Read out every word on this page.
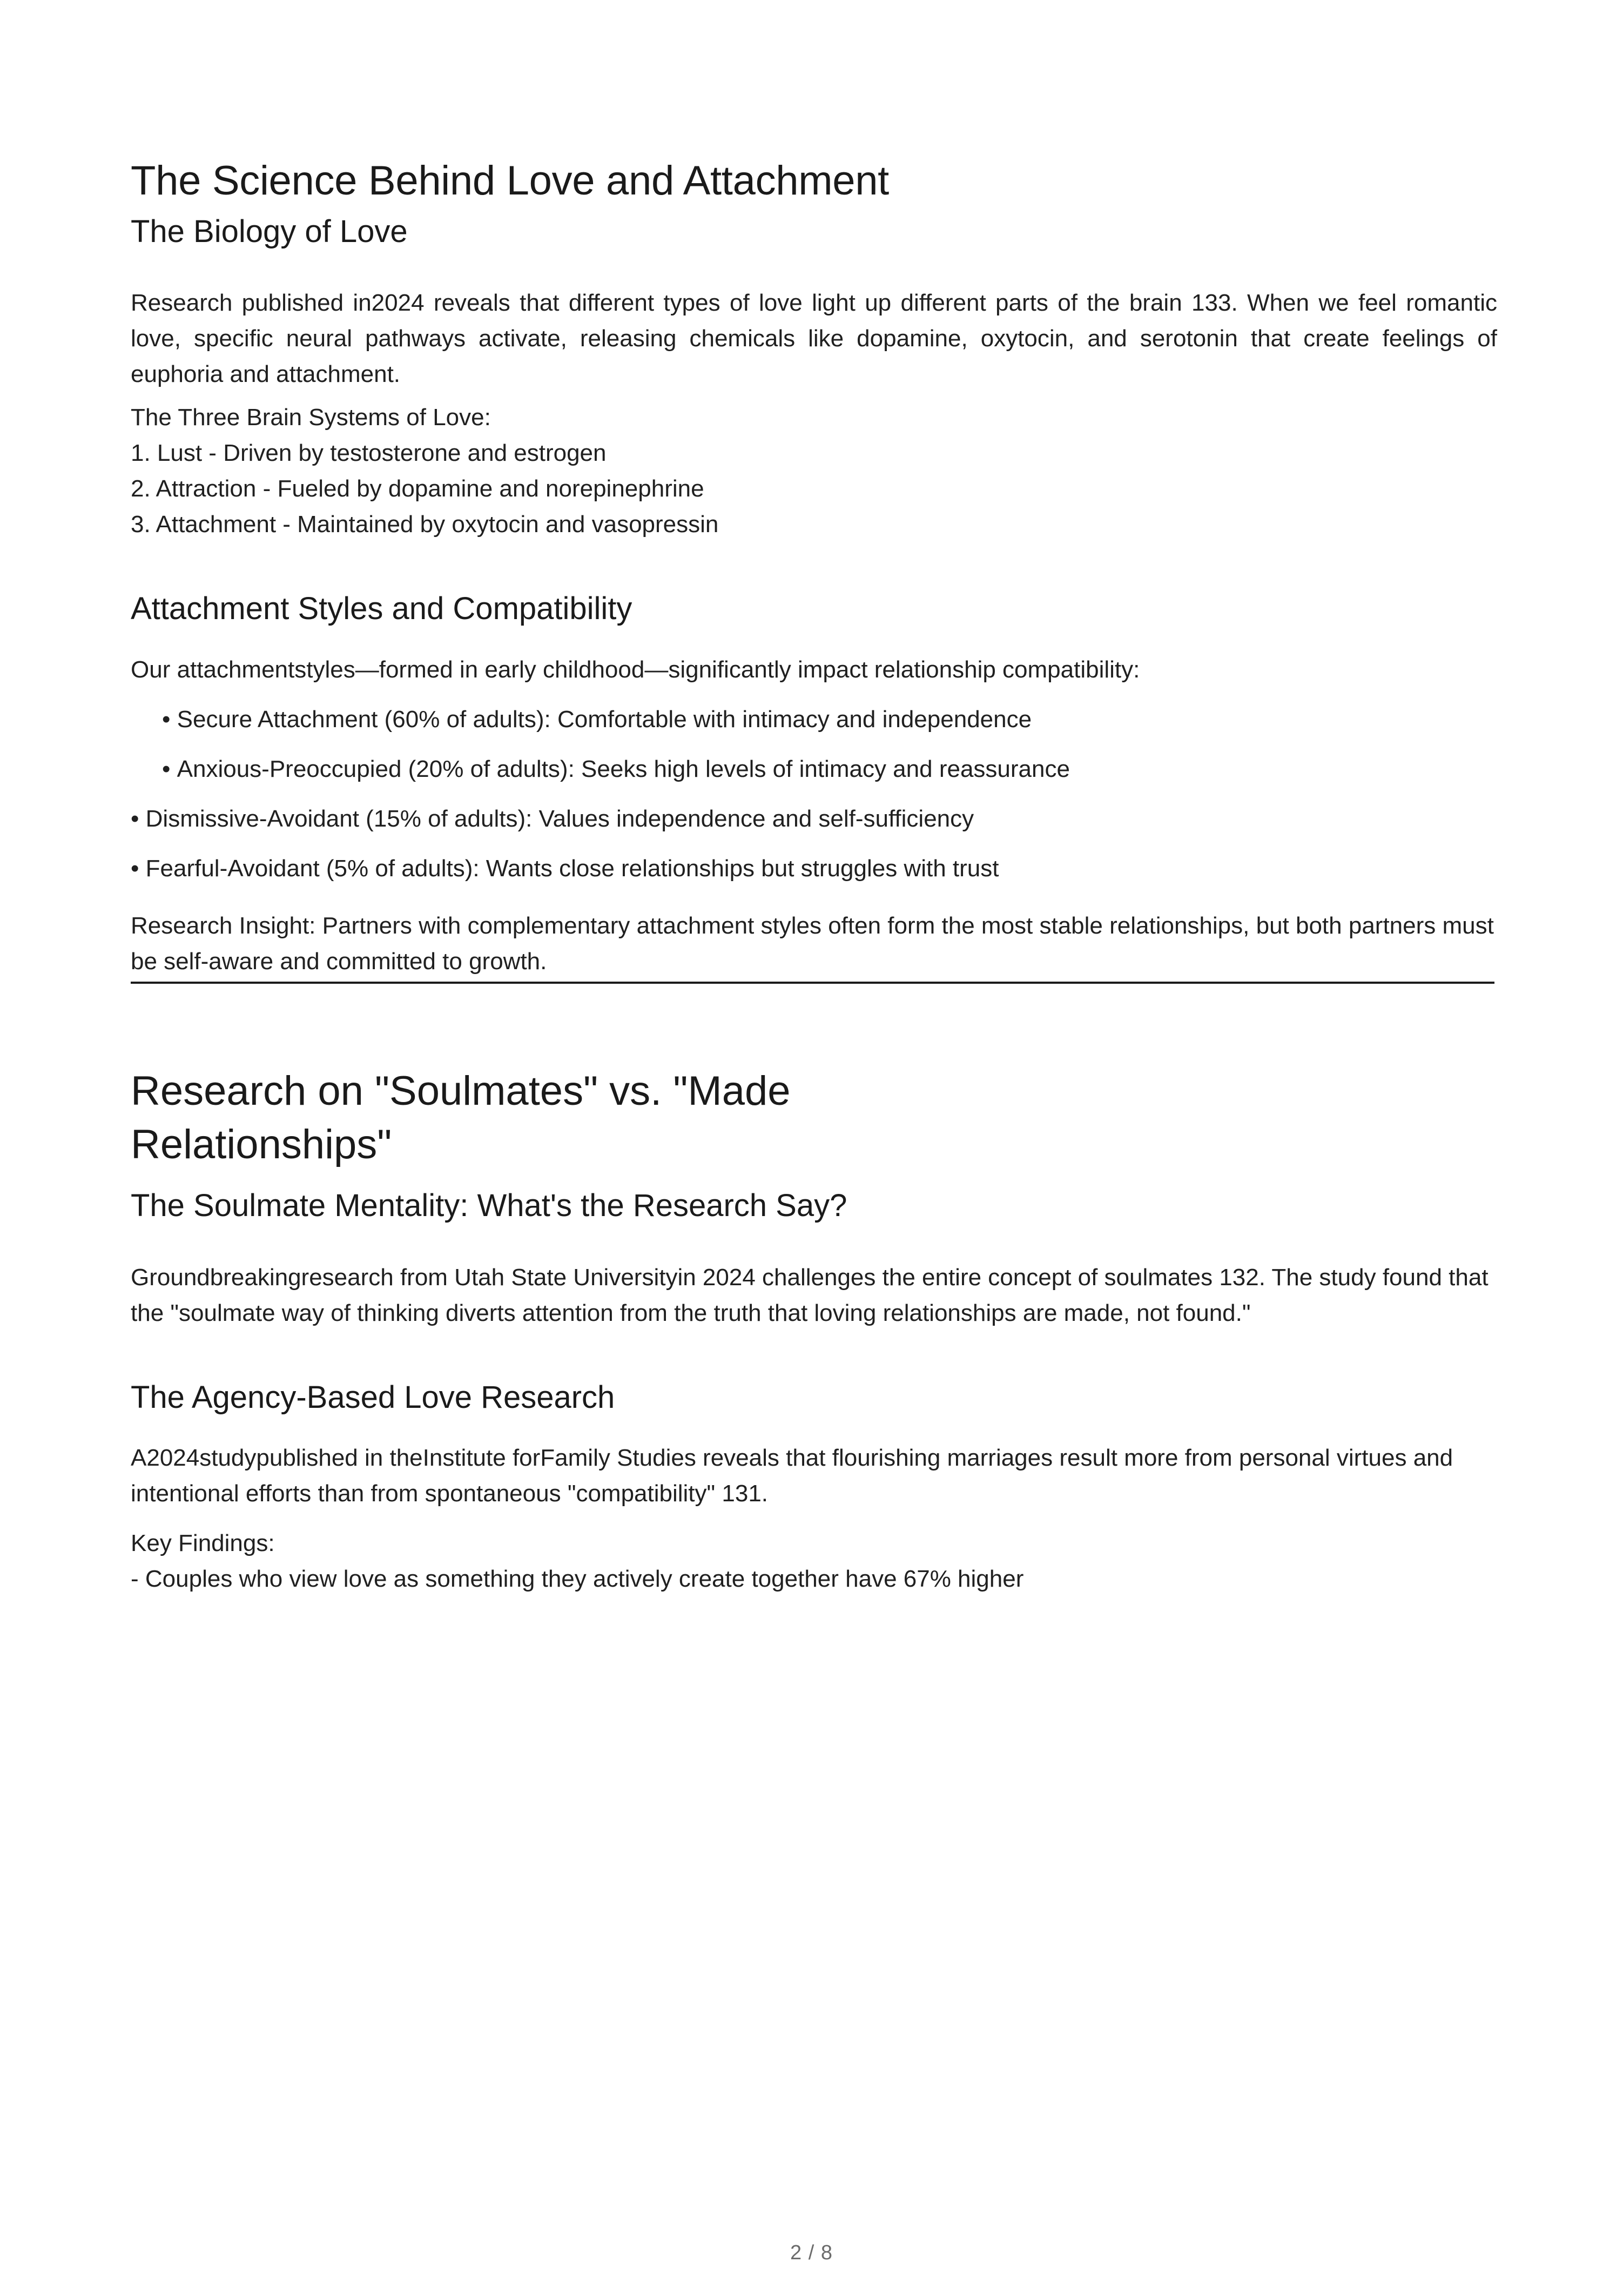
The Science Behind Love and Attachment
The Biology of Love

Research published in2024 reveals that different types of love light up different parts of the brain 133. When we feel romantic love, specific neural pathways activate, releasing chemicals like dopamine, oxytocin, and serotonin that create feelings of euphoria and attachment.

The Three Brain Systems of Love:

1. Lust - Driven by testosterone and estrogen

2. Attraction - Fueled by dopamine and norepinephrine

3. Attachment - Maintained by oxytocin and vasopressin

Attachment Styles and Compatibility

Our attachmentstyles—formed in early childhood—significantly impact relationship compatibility:

• Secure Attachment (60% of adults): Comfortable with intimacy and independence
• Anxious-Preoccupied (20% of adults): Seeks high levels of intimacy and reassurance
• Dismissive-Avoidant (15% of adults): Values independence and self-sufficiency
• Fearful-Avoidant (5% of adults): Wants close relationships but struggles with trust

Research Insight: Partners with complementary attachment styles often form the most stable relationships, but both partners must be self-aware and committed to growth.

Research on "Soulmates" vs. "Made Relationships"
The Soulmate Mentality: What's the Research Say?

Groundbreakingresearch from Utah State Universityin 2024 challenges the entire concept of soulmates 132. The study found that the "soulmate way of thinking diverts attention from the truth that loving relationships are made, not found."

The Agency-Based Love Research

A2024studypublished in theInstitute forFamily Studies reveals that flourishing marriages result more from personal virtues and intentional efforts than from spontaneous "compatibility" 131.

Key Findings:

- Couples who view love as something they actively create together have 67% higher

2 / 8
